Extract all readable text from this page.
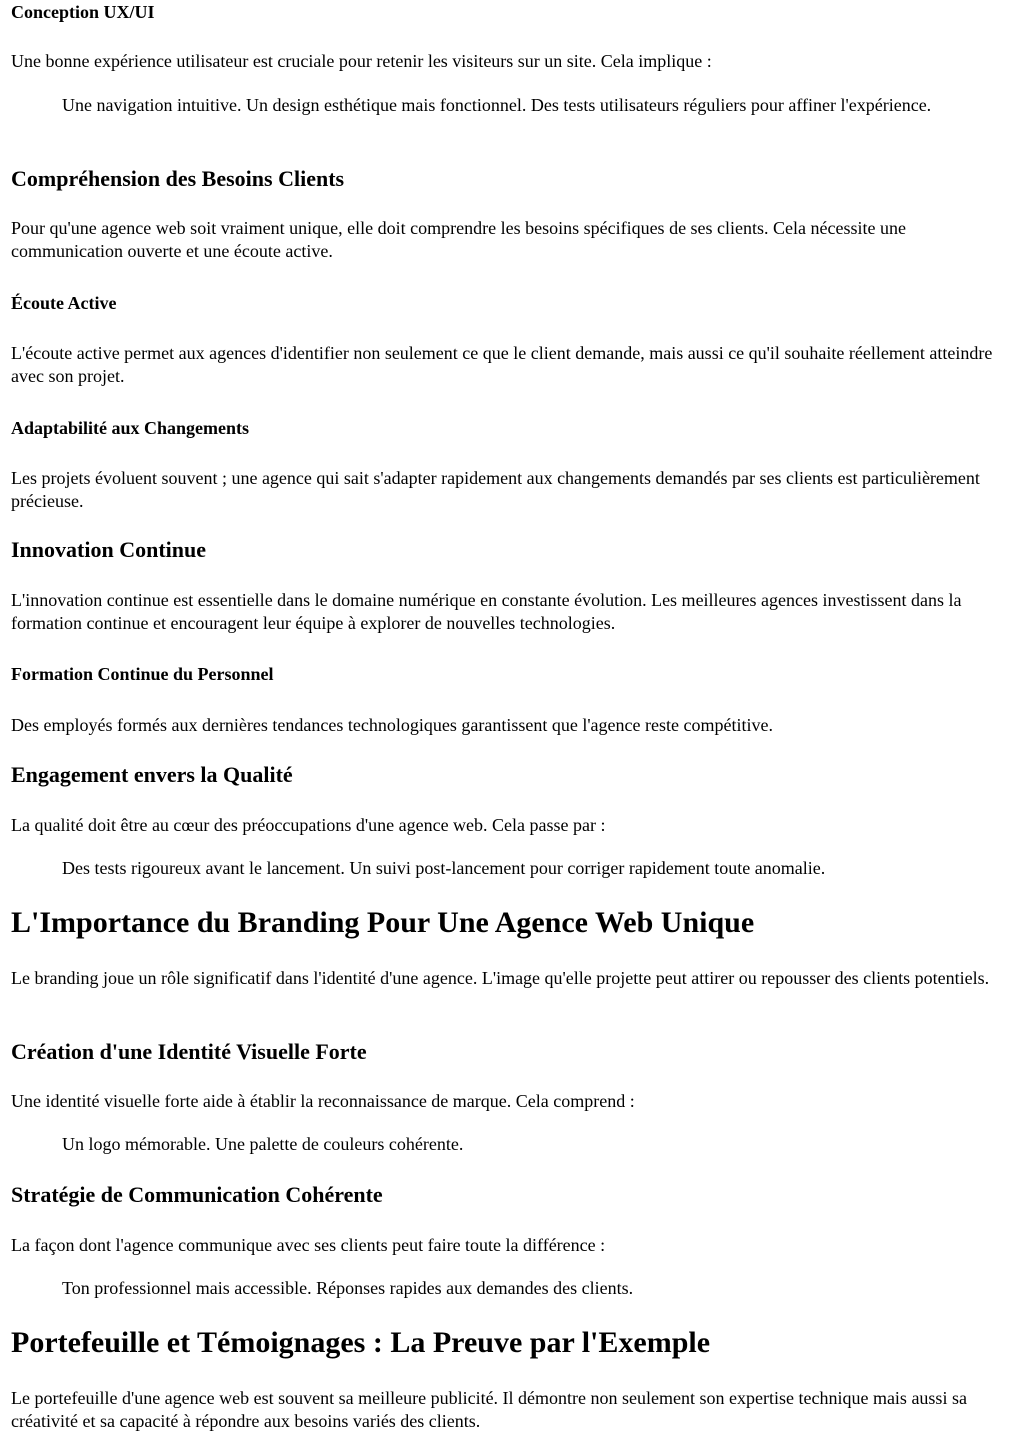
Conception UX/UI

Une bonne expérience utilisateur est cruciale pour retenir les visiteurs sur un site. Cela implique :

Une navigation intuitive. Un design esthétique mais fonctionnel. Des tests utilisateurs réguliers pour affiner l'expérience.
Compréhension des Besoins Clients

Pour qu'une agence web soit vraiment unique, elle doit comprendre les besoins spécifiques de ses clients. Cela nécessite une communication ouverte et une écoute active.

Écoute Active

L'écoute active permet aux agences d'identifier non seulement ce que le client demande, mais aussi ce qu'il souhaite réellement atteindre avec son projet.

Adaptabilité aux Changements

Les projets évoluent souvent ; une agence qui sait s'adapter rapidement aux changements demandés par ses clients est particulièrement précieuse.

Innovation Continue

L'innovation continue est essentielle dans le domaine numérique en constante évolution. Les meilleures agences investissent dans la formation continue et encouragent leur équipe à explorer de nouvelles technologies.

Formation Continue du Personnel

Des employés formés aux dernières tendances technologiques garantissent que l'agence reste compétitive.

Engagement envers la Qualité

La qualité doit être au cœur des préoccupations d'une agence web. Cela passe par :

Des tests rigoureux avant le lancement. Un suivi post-lancement pour corriger rapidement toute anomalie.
L'Importance du Branding Pour Une Agence Web Unique

Le branding joue un rôle significatif dans l'identité d'une agence. L'image qu'elle projette peut attirer ou repousser des clients potentiels.

Création d'une Identité Visuelle Forte

Une identité visuelle forte aide à établir la reconnaissance de marque. Cela comprend :

Un logo mémorable. Une palette de couleurs cohérente.
Stratégie de Communication Cohérente

La façon dont l'agence communique avec ses clients peut faire toute la différence :

Ton professionnel mais accessible. Réponses rapides aux demandes des clients.
Portefeuille et Témoignages : La Preuve par l'Exemple

Le portefeuille d'une agence web est souvent sa meilleure publicité. Il démontre non seulement son expertise technique mais aussi sa créativité et sa capacité à répondre aux besoins variés des clients.
